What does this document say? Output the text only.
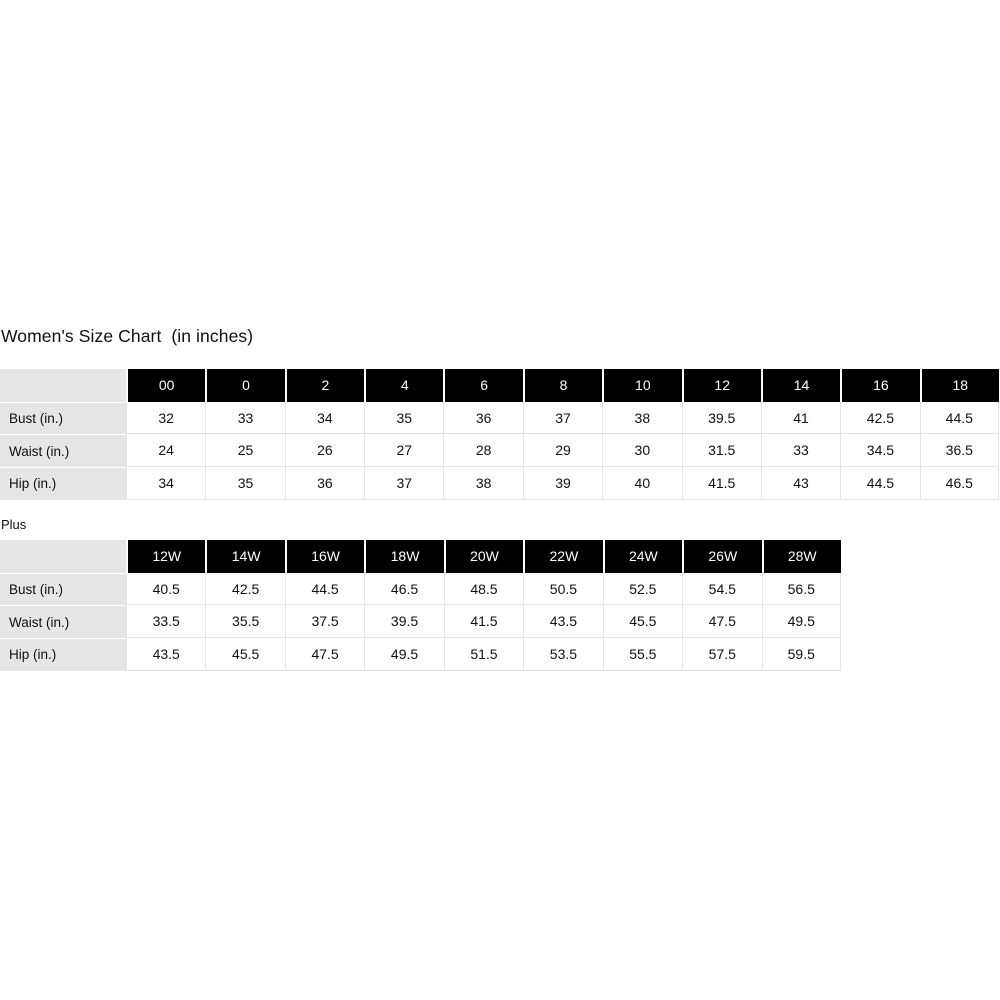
Women's Size Chart  (in inches)
	00	0	2	4	6	8	10	12	14	16	18
Bust (in.)	32	33	34	35	36	37	38	39.5	41	42.5	44.5
Waist (in.)	24	25	26	27	28	29	30	31.5	33	34.5	36.5
Hip (in.)	34	35	36	37	38	39	40	41.5	43	44.5	46.5
Plus
	12W	14W	16W	18W	20W	22W	24W	26W	28W
Bust (in.)	40.5	42.5	44.5	46.5	48.5	50.5	52.5	54.5	56.5
Waist (in.)	33.5	35.5	37.5	39.5	41.5	43.5	45.5	47.5	49.5
Hip (in.)	43.5	45.5	47.5	49.5	51.5	53.5	55.5	57.5	59.5
